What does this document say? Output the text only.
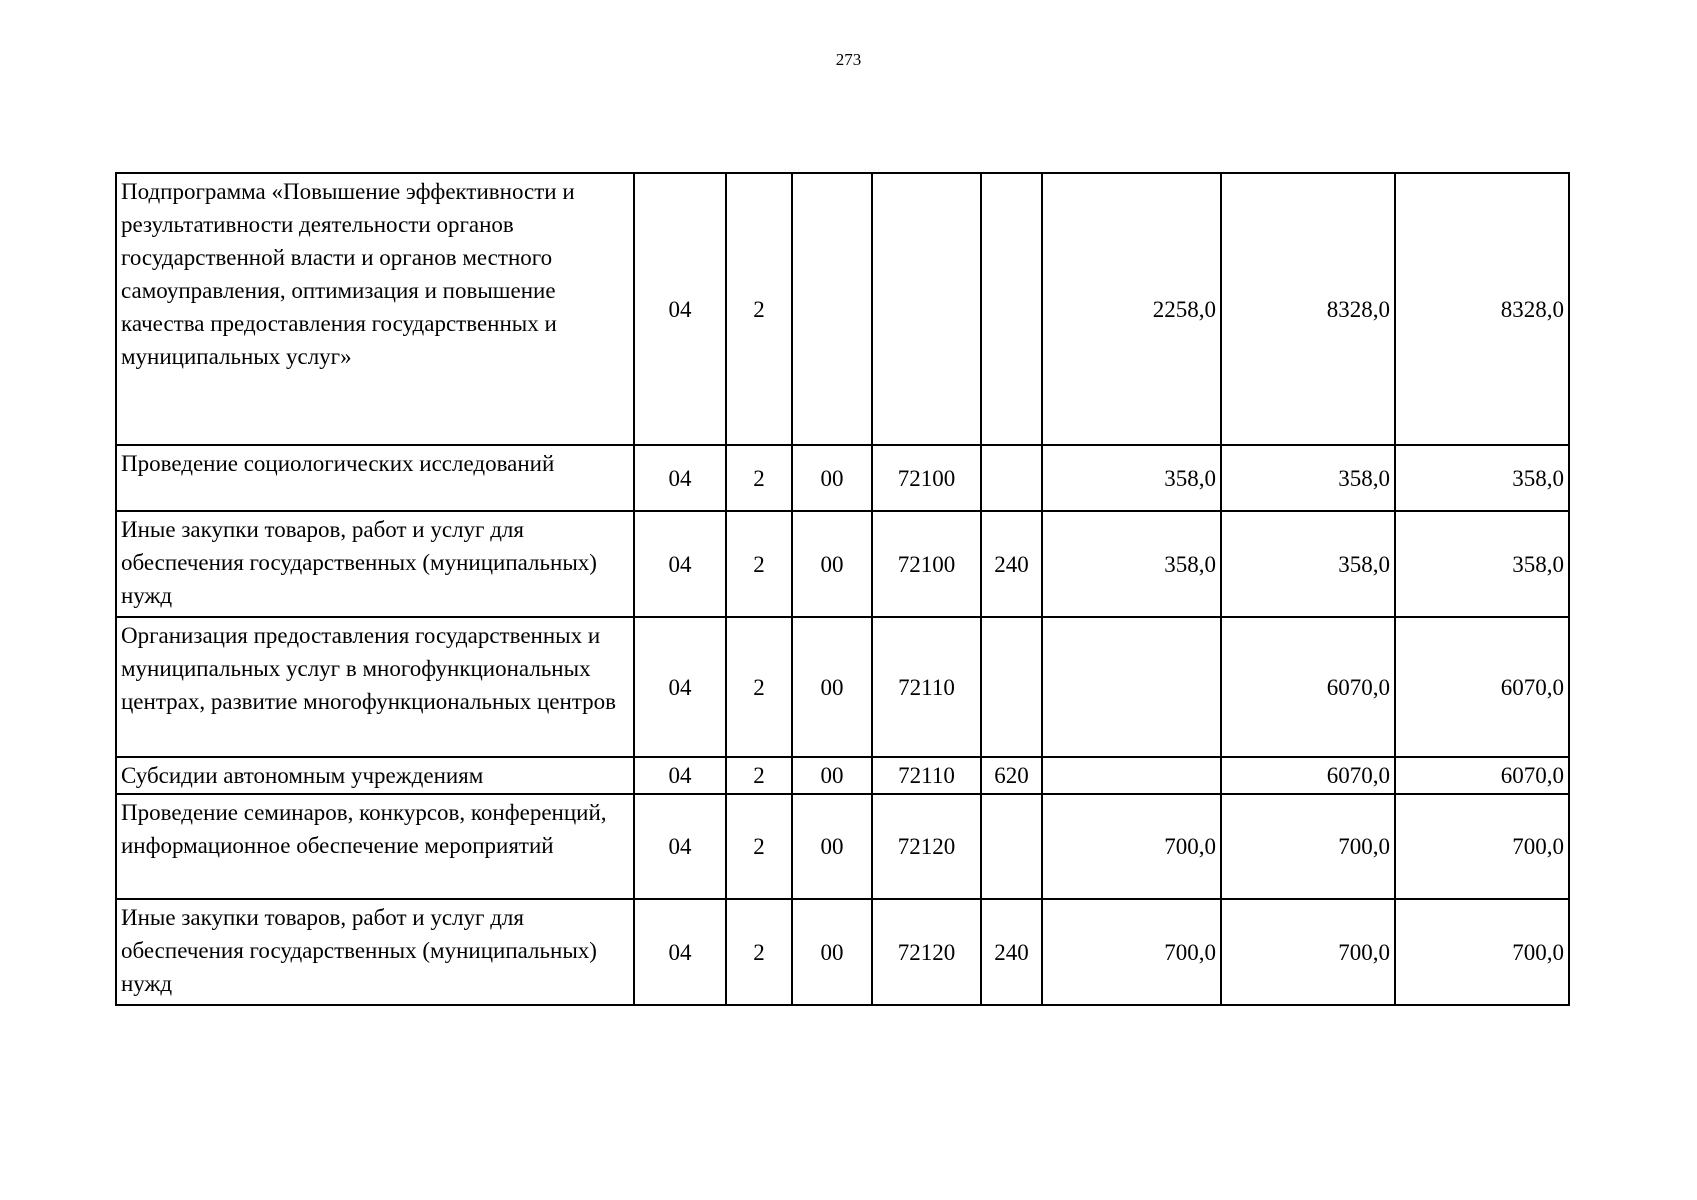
273
Подпрограмма «Повышение эффективности и результативности деятельности органов государственной власти и органов местного самоуправления, оптимизация и повышение качества предоставления государственных и муниципальных услуг»	04	2				2258,0	8328,0	8328,0
Проведение социологических исследований	04	2	00	72100		358,0	358,0	358,0
Иные закупки товаров, работ и услуг для обеспечения государственных (муниципальных) нужд	04	2	00	72100	240	358,0	358,0	358,0
Организация предоставления государственных и муниципальных услуг в многофункциональных центрах, развитие многофункциональных центров	04	2	00	72110			6070,0	6070,0
Субсидии автономным учреждениям	04	2	00	72110	620		6070,0	6070,0
Проведение семинаров, конкурсов, конференций, информационное обеспечение мероприятий	04	2	00	72120		700,0	700,0	700,0
Иные закупки товаров, работ и услуг для обеспечения государственных (муниципальных) нужд	04	2	00	72120	240	700,0	700,0	700,0
